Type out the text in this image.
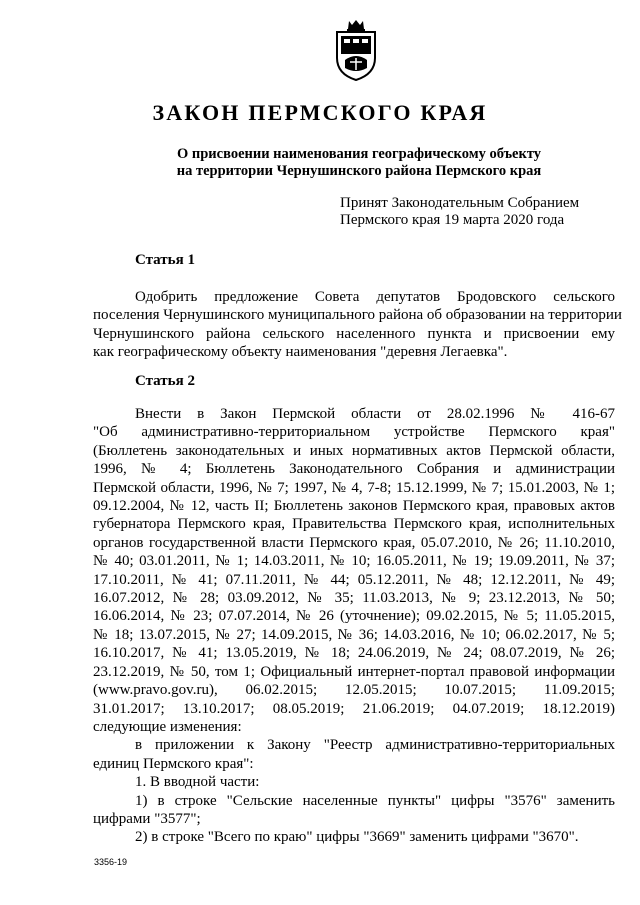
ЗАКОН ПЕРМСКОГО КРАЯ
О присвоении наименования географическому объекту
на территории Чернушинского района Пермского края
Принят Законодательным Собранием
Пермского края 19 марта 2020 года
Статья 1
Одобрить предложение Совета депутатов Бродовского сельского
поселения Чернушинского муниципального района об образовании на территории
Чернушинского района сельского населенного пункта и присвоении ему
как географическому объекту наименования "деревня Легаевка".
Статья 2
Внести в Закон Пермской области от 28.02.1996 № 416-67
"Об административно-территориальном устройстве Пермского края"
(Бюллетень законодательных и иных нормативных актов Пермской области,
1996, № 4; Бюллетень Законодательного Собрания и администрации
Пермской области, 1996, № 7; 1997, № 4, 7-8; 15.12.1999, № 7; 15.01.2003, № 1;
09.12.2004, № 12, часть II; Бюллетень законов Пермского края, правовых актов
губернатора Пермского края, Правительства Пермского края, исполнительных
органов государственной власти Пермского края, 05.07.2010, № 26; 11.10.2010,
№ 40; 03.01.2011, № 1; 14.03.2011, № 10; 16.05.2011, № 19; 19.09.2011, № 37;
17.10.2011, № 41; 07.11.2011, № 44; 05.12.2011, № 48; 12.12.2011, № 49;
16.07.2012, № 28; 03.09.2012, № 35; 11.03.2013, № 9; 23.12.2013, № 50;
16.06.2014, № 23; 07.07.2014, № 26 (уточнение); 09.02.2015, № 5; 11.05.2015,
№ 18; 13.07.2015, № 27; 14.09.2015, № 36; 14.03.2016, № 10; 06.02.2017, № 5;
16.10.2017, № 41; 13.05.2019, № 18; 24.06.2019, № 24; 08.07.2019, № 26;
23.12.2019, № 50, том 1; Официальный интернет-портал правовой информации
(www.pravo.gov.ru), 06.02.2015; 12.05.2015; 10.07.2015; 11.09.2015;
31.01.2017; 13.10.2017; 08.05.2019; 21.06.2019; 04.07.2019; 18.12.2019)
следующие изменения:
в приложении к Закону "Реестр административно-территориальных
единиц Пермского края":
1. В вводной части:
1) в строке "Сельские населенные пункты" цифры "3576" заменить
цифрами "3577";
2) в строке "Всего по краю" цифры "3669" заменить цифрами "3670".

3356-19
